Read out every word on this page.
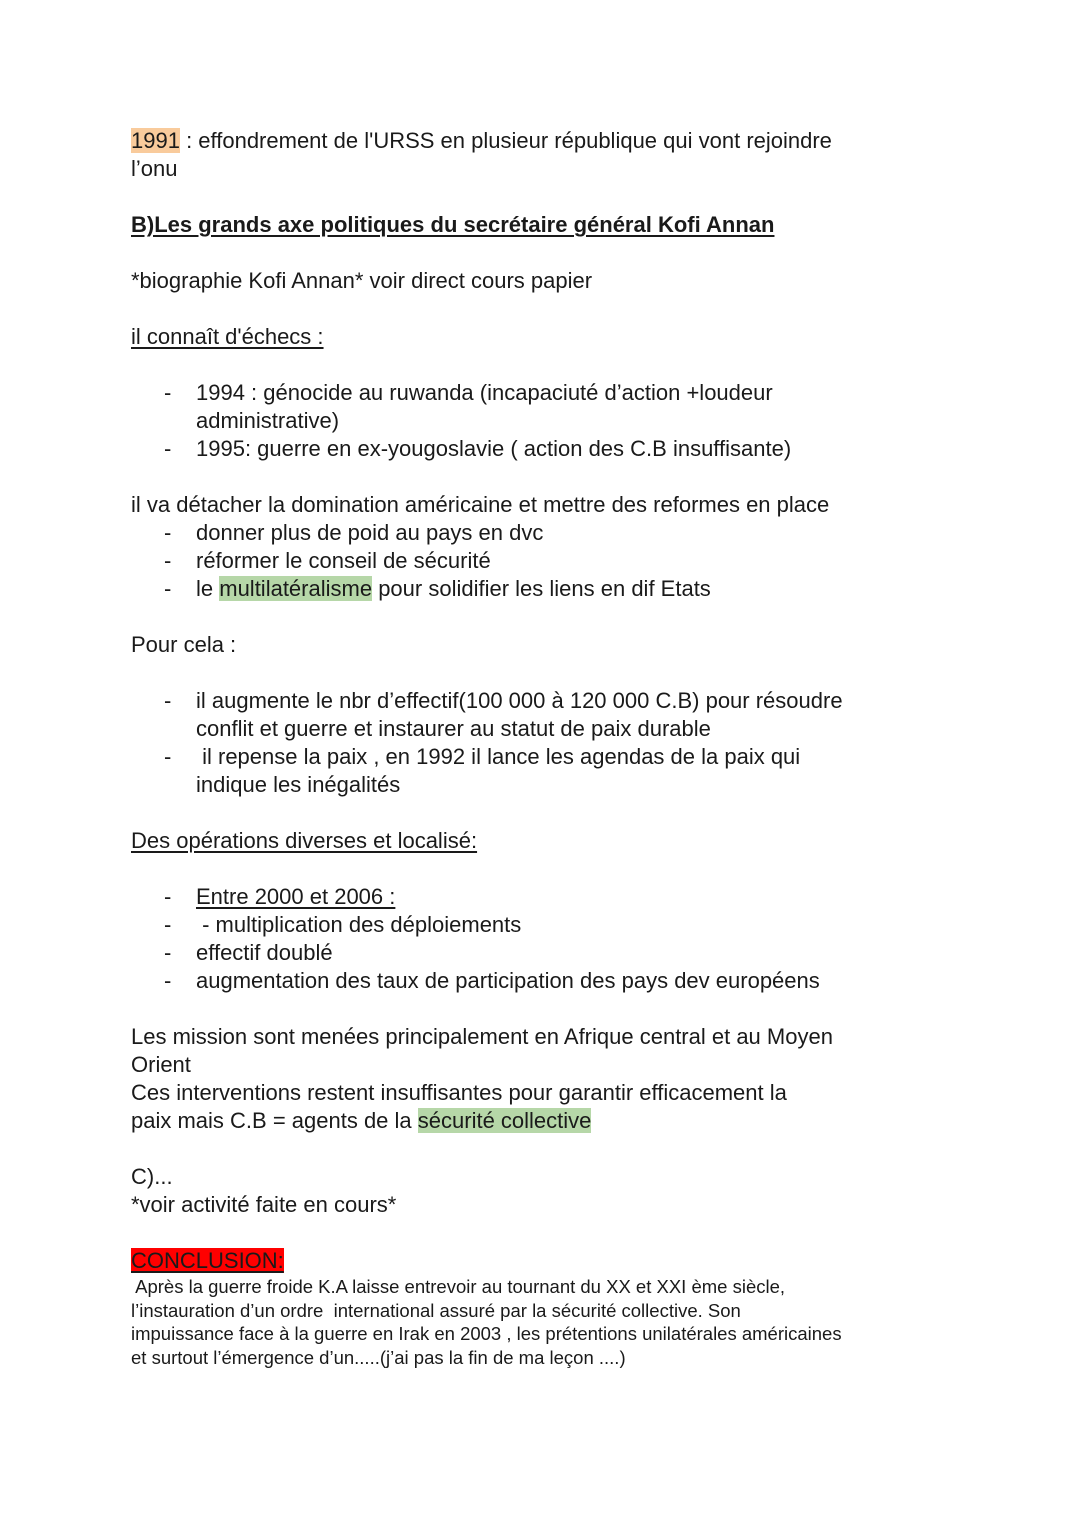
1991 : effondrement de l'URSS en plusieur république qui vont rejoindre
l’onu
B)Les grands axe politiques du secrétaire général Kofi Annan
*biographie Kofi Annan* voir direct cours papier
il connaît d'échecs :
- 1994 : génocide au ruwanda (incapaciuté d’action +loudeur
administrative)
- 1995: guerre en ex-yougoslavie ( action des C.B insuffisante)
il va détacher la domination américaine et mettre des reformes en place
- donner plus de poid au pays en dvc
- réformer le conseil de sécurité
- le multilatéralisme pour solidifier les liens en dif Etats
Pour cela :
- il augmente le nbr d’effectif(100 000 à 120 000 C.B) pour résoudre
conflit et guerre et instaurer au statut de paix durable
- il repense la paix , en 1992 il lance les agendas de la paix qui
indique les inégalités
Des opérations diverses et localisé:
- Entre 2000 et 2006 :
- - multiplication des déploiements
- effectif doublé
- augmentation des taux de participation des pays dev européens
Les mission sont menées principalement en Afrique central et au Moyen
Orient
Ces interventions restent insuffisantes pour garantir efficacement la
paix mais C.B = agents de la sécurité collective
C)...
*voir activité faite en cours*
CONCLUSION:
Après la guerre froide K.A laisse entrevoir au tournant du XX et XXI ème siècle,
l’instauration d’un ordre  international assuré par la sécurité collective. Son
impuissance face à la guerre en Irak en 2003 , les prétentions unilatérales américaines
et surtout l’émergence d’un.....(j’ai pas la fin de ma leçon ....)
